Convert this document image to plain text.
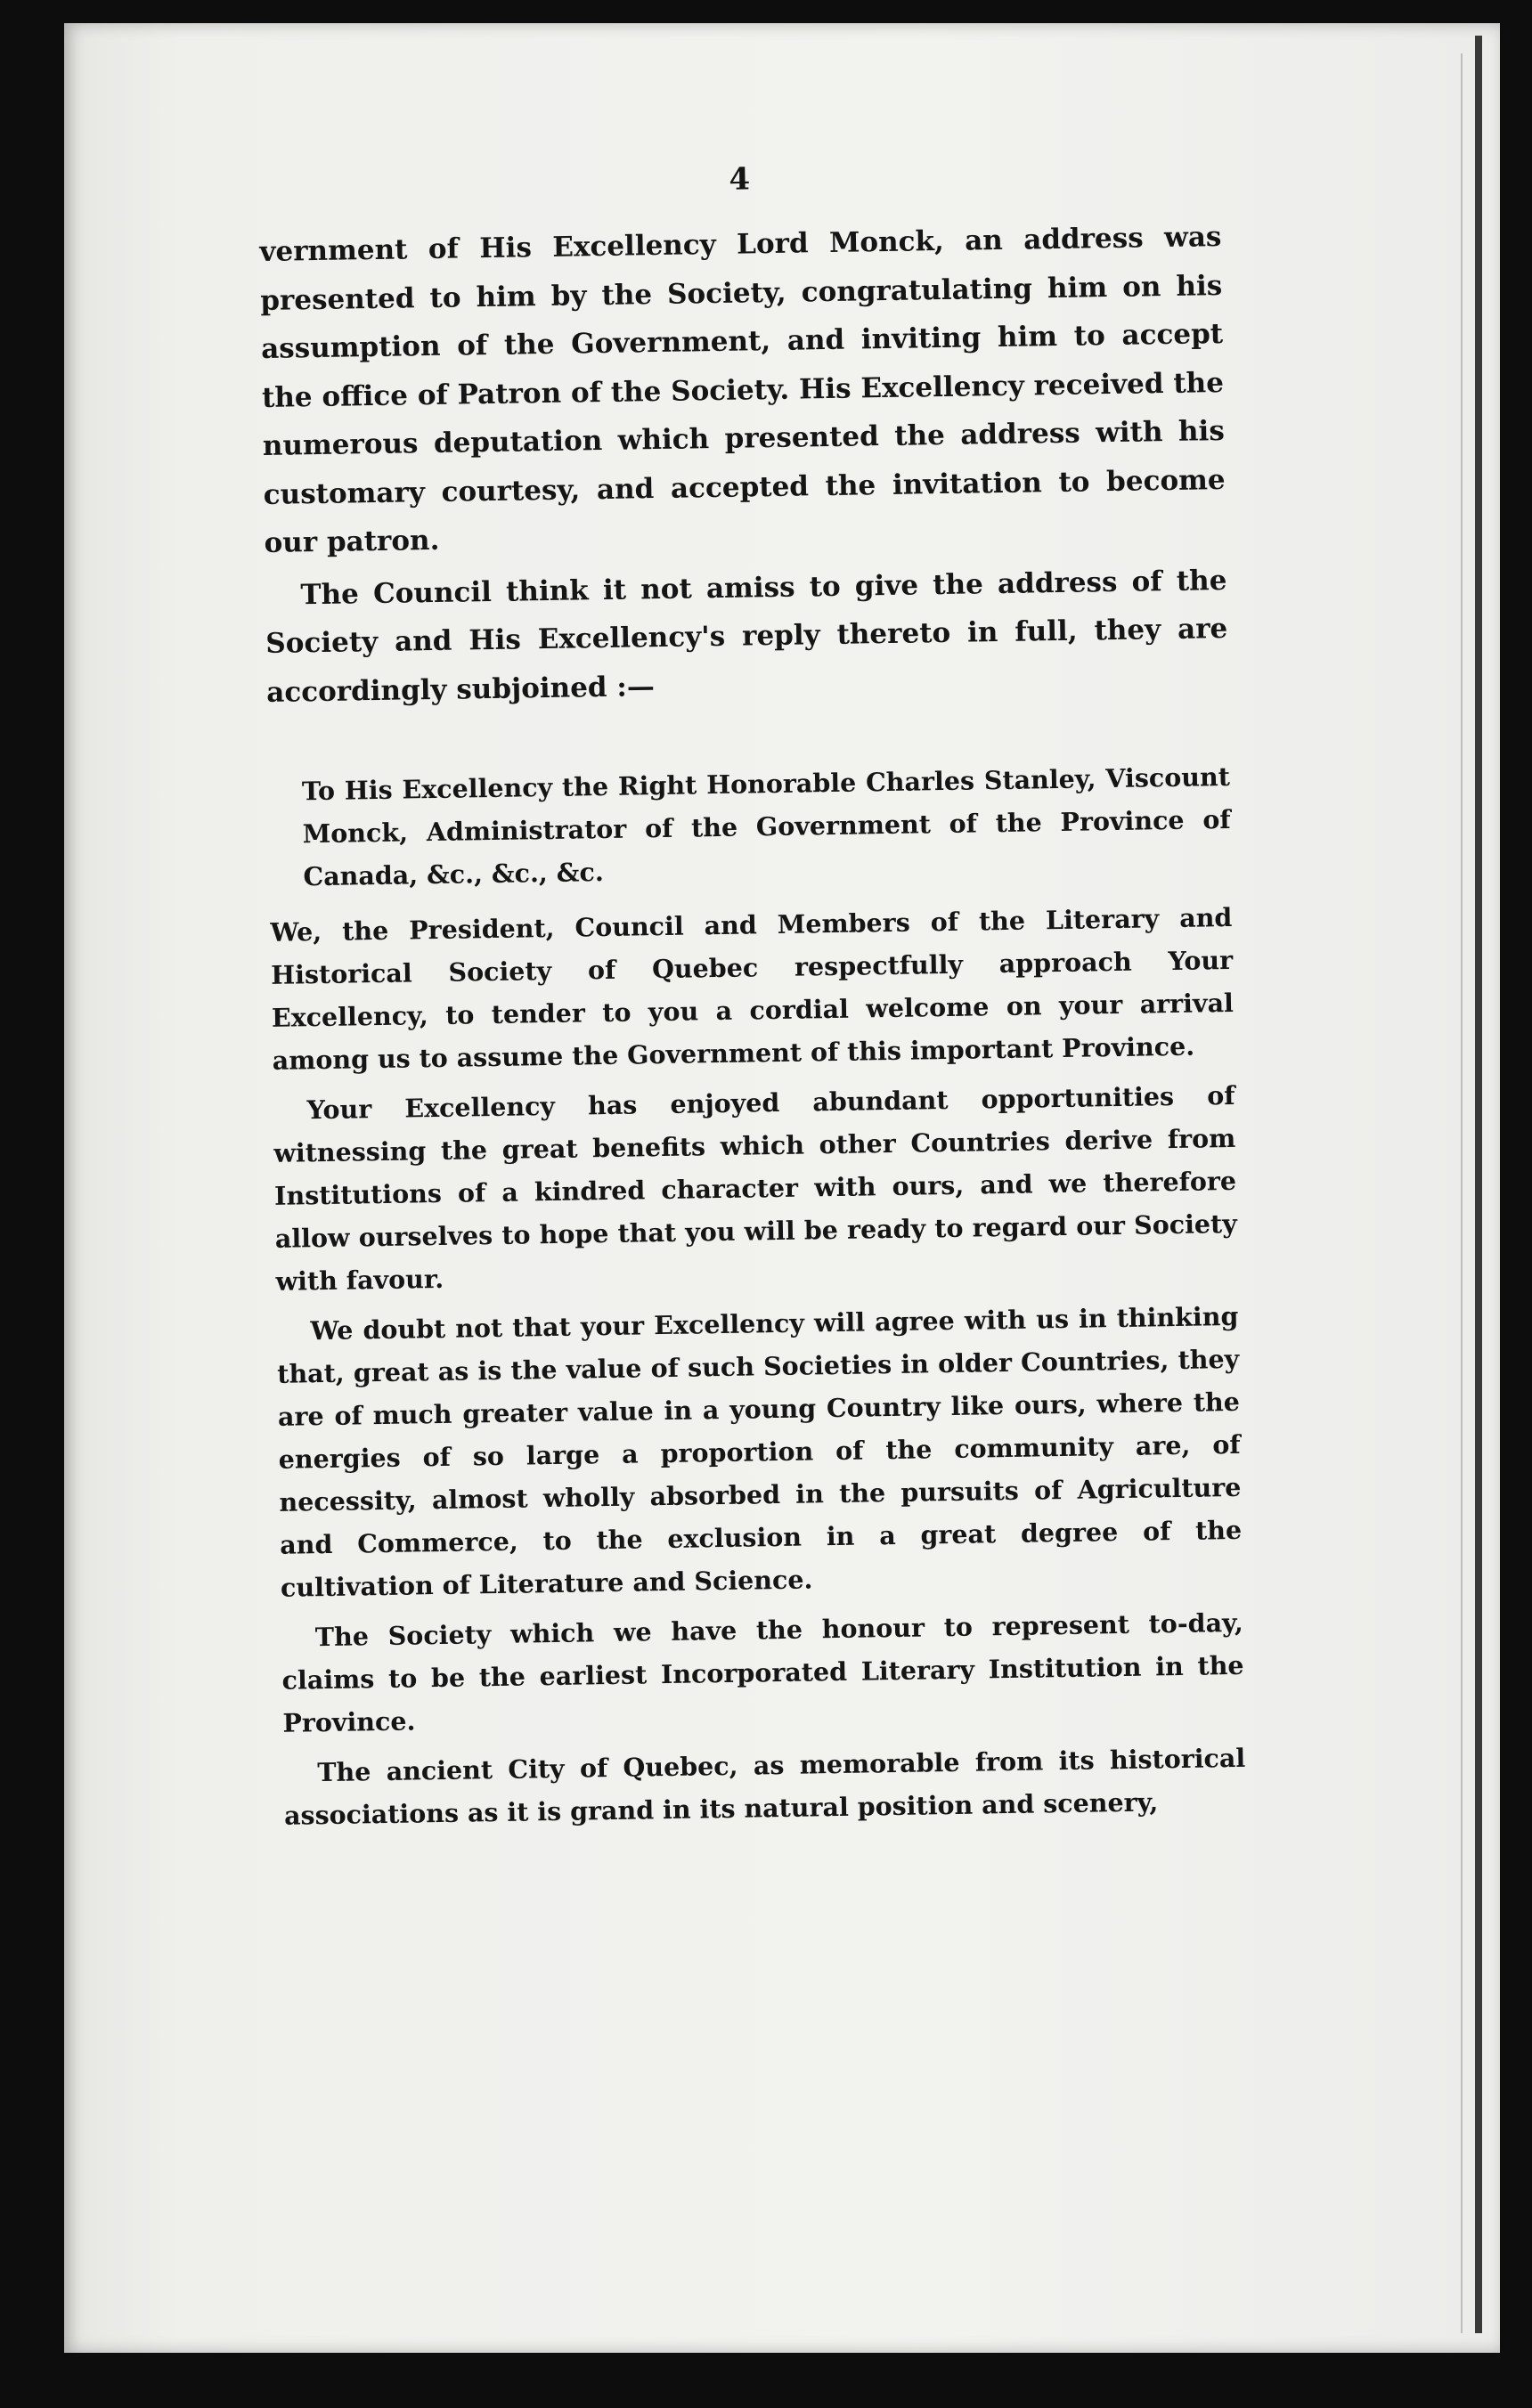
4

vernment of His Excellency Lord Monck, an address was presented to him by the Society, congratulating him on his assumption of the Government, and inviting him to accept the office of Patron of the Society. His Excellency received the numerous deputation which presented the address with his customary courtesy, and accepted the invitation to become our patron.

The Council think it not amiss to give the address of the Society and His Excellency's reply thereto in full, they are accordingly subjoined :—

To His Excellency the Right Honorable Charles Stanley, Viscount Monck, Administrator of the Government of the Province of Canada, &c., &c., &c.

We, the President, Council and Members of the Literary and Historical Society of Quebec respectfully approach Your Excellency, to tender to you a cordial welcome on your arrival among us to assume the Government of this important Province.

Your Excellency has enjoyed abundant opportunities of witnessing the great benefits which other Countries derive from Institutions of a kindred character with ours, and we therefore allow ourselves to hope that you will be ready to regard our Society with favour.

We doubt not that your Excellency will agree with us in thinking that, great as is the value of such Societies in older Countries, they are of much greater value in a young Country like ours, where the energies of so large a proportion of the community are, of necessity, almost wholly absorbed in the pursuits of Agriculture and Commerce, to the exclusion in a great degree of the cultivation of Literature and Science.

The Society which we have the honour to represent to-day, claims to be the earliest Incorporated Literary Institution in the Province.

The ancient City of Quebec, as memorable from its historical associations as it is grand in its natural position and scenery,
